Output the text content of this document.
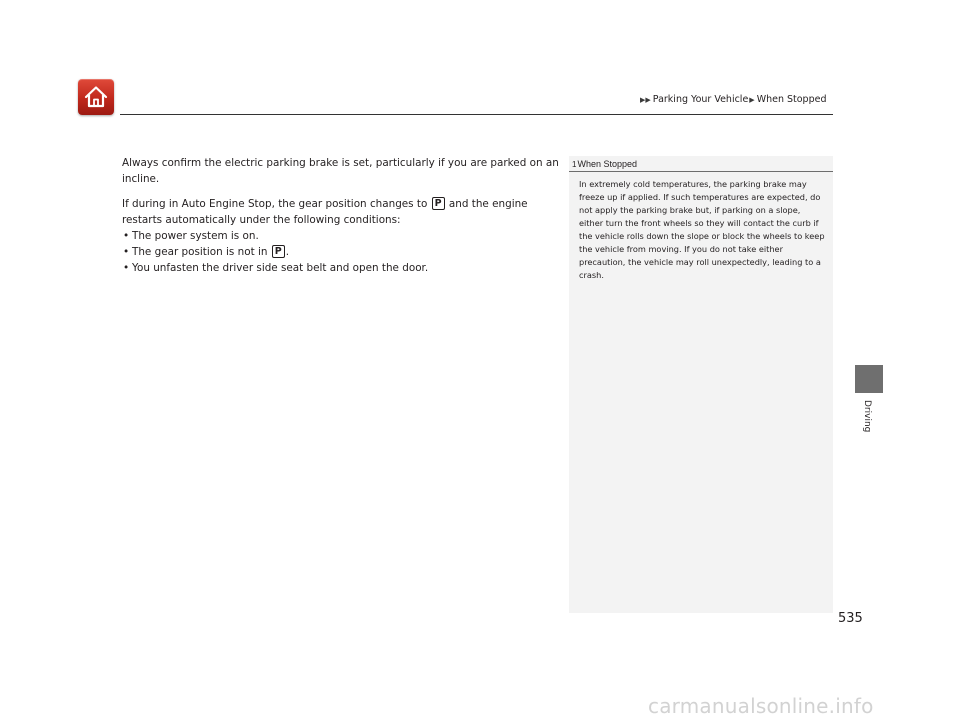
▶▶ Parking Your Vehicle ▶ When Stopped

Always confirm the electric parking brake is set, particularly if you are parked on an incline.

If during in Auto Engine Stop, the gear position changes to P and the engine restarts automatically under the following conditions:

• The power system is on.
• The gear position is not in P .
• You unfasten the driver side seat belt and open the door.
1 When Stopped
In extremely cold temperatures, the parking brake may freeze up if applied. If such temperatures are expected, do not apply the parking brake but, if parking on a slope, either turn the front wheels so they will contact the curb if the vehicle rolls down the slope or block the wheels to keep the vehicle from moving. If you do not take either precaution, the vehicle may roll unexpectedly, leading to a crash.
Driving
535
carmanualsonline.info
